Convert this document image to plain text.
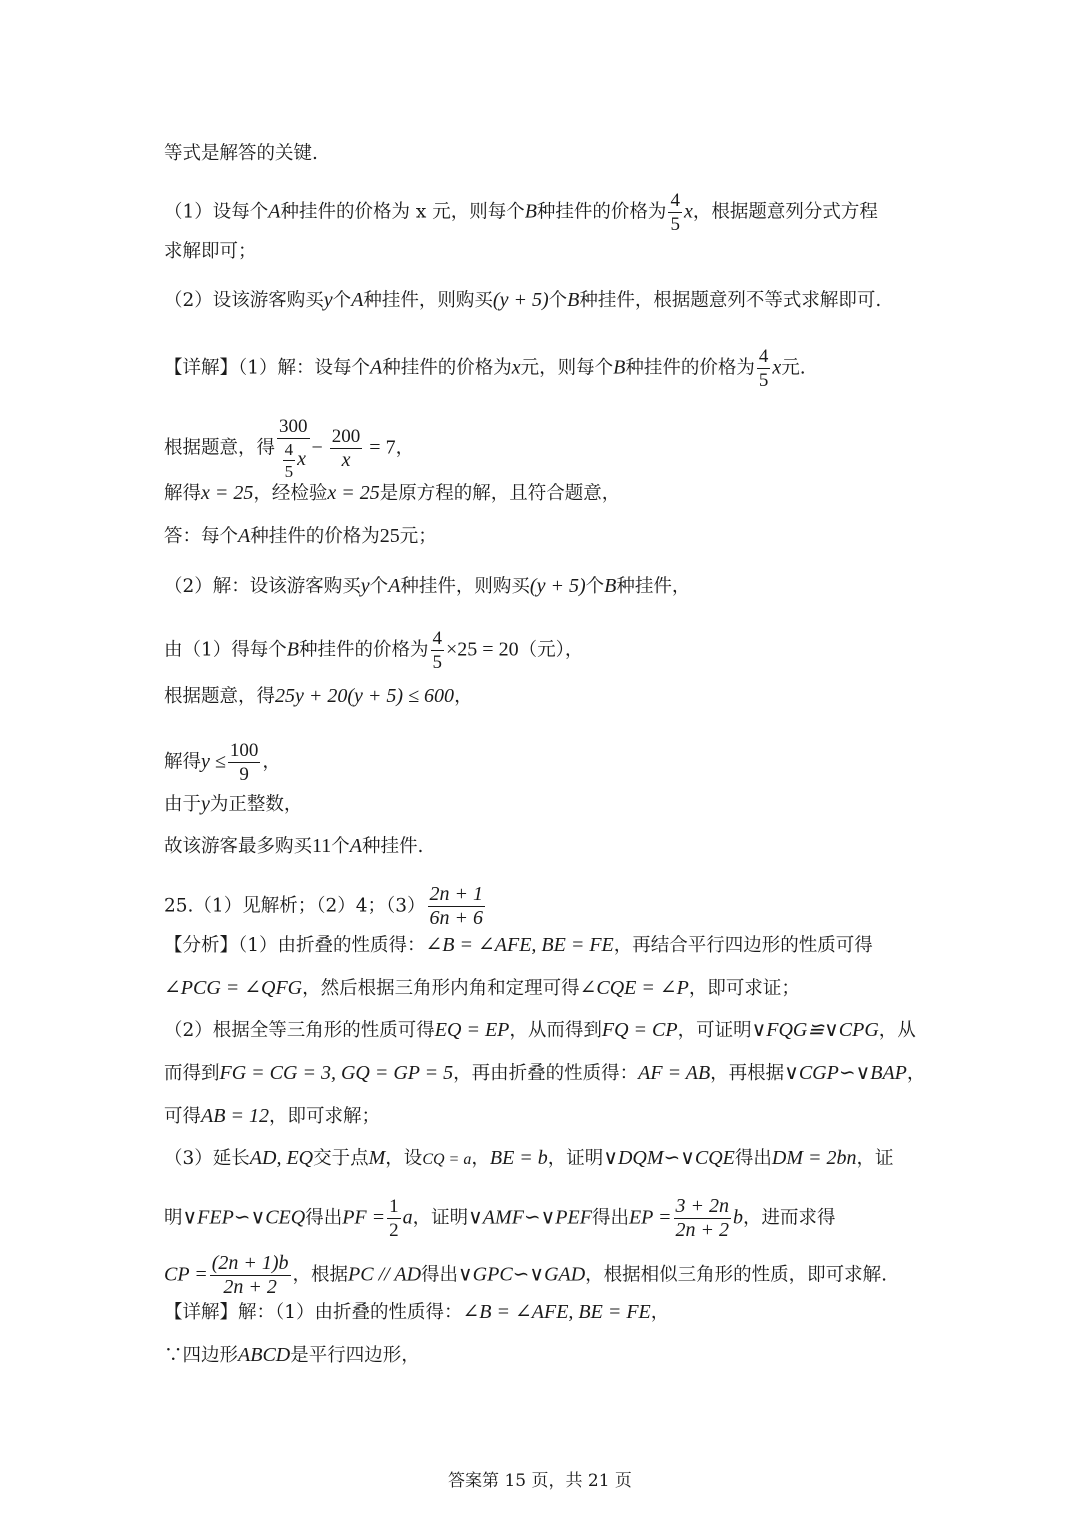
等式是解答的关键.
（1）设每个A种挂件的价格为 x 元，则每个B种挂件的价格为 $\frac{4}{5}$ x，根据题意列分式方程
求解即可；
（2）设该游客购买y个A种挂件，则购买(y + 5)个B种挂件，根据题意列不等式求解即可.
【详解】（1）解：设每个A种挂件的价格为x元，则每个B种挂件的价格为 $\frac{4}{5}$ x元.
根据题意，得 $\frac{300}{\frac{4}{5} x} - \frac{200}{x} = 7$，
解得x = 25，经检验x = 25是原方程的解，且符合题意，
答：每个A种挂件的价格为25元；
（2）解：设该游客购买y个A种挂件，则购买(y + 5)个B种挂件，
由（1）得每个B种挂件的价格为 $\frac{4}{5} \times 25 = 20$（元），
根据题意，得25y + 20(y + 5) ≤ 600，
解得$y \le \frac{100}{9}$ ，
由于y为正整数，
故该游客最多购买11个A种挂件.
25.（1）见解析；（2）4；$(3) \frac{2n + 1}{6n + 6}$
【分析】（1）由折叠的性质得：∠B = ∠AFE, BE = FE，再结合平行四边形的性质可得
∠PCG = ∠QFG，然后根据三角形内角和定理可得∠CQE = ∠P，即可求证；
（2）根据全等三角形的性质可得EQ = EP，从而得到FQ = CP，可证明∨FQG≌∨CPG，从
而得到FG = CG = 3, GQ = GP = 5，再由折叠的性质得：AF = AB，再根据∨CGP∽∨BAP，
可得AB = 12，即可求解；
（3）延长AD, EQ交于点M，设CQ = a，BE = b，证明∨DQM∽∨CQE得出DM = 2bn，证
明∨FEP∽∨CEQ得出PF = $\frac{1}{2}$ a，证明∨AMF∽∨PEF得出EP = $\frac{3 + 2n}{2n + 2}$ b，进而求得
CP = $\frac{(2n + 1)b}{2n + 2}$ ，根据PC // AD得出∨GPC∽∨GAD，根据相似三角形的性质，即可求解.
【详解】解：（1）由折叠的性质得：∠B = ∠AFE, BE = FE，
∵四边形ABCD是平行四边形，
答案第 15 页，共 21 页
